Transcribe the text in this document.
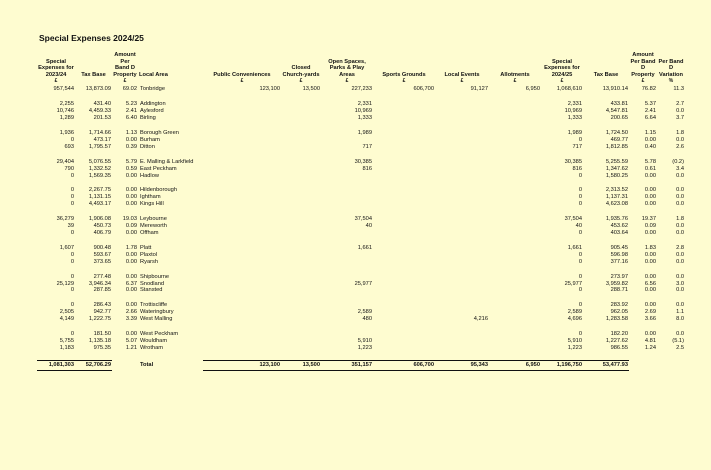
Special Expenses 2024/25
Special Expenses for 2023/24	Tax Base	Amount Per Band D Property	Local Area	Public Conveniences	Closed Church-yards	Open Spaces, Parks & Play Areas	Sports Grounds	Local Events	Allotments	Special Expenses for 2024/25	Tax Base	Amount Per Band D Property	Per Band D Variation
£		£		£	£	£	£	£	£	£		£	%
957,544	13,873.09	69.02	Tonbridge	123,100	13,500	227,233	606,700	91,127	6,950	1,068,610	13,910.14	76.82	11.3

2,255	431.40	5.23	Addington			2,331				2,331	433.81	5.37	2.7
10,746	4,459.33	2.41	Aylesford			10,969				10,969	4,547.81	2.41	0.0
1,289	201.53	6.40	Birling			1,333				1,333	200.65	6.64	3.7

1,936	1,714.66	1.13	Borough Green			1,989				1,989	1,724.50	1.15	1.8
0	473.17	0.00	Burham							0	469.77	0.00	0.0
693	1,795.57	0.39	Ditton			717				717	1,812.85	0.40	2.6

29,404	5,076.55	5.79	E. Malling & Larkfield			30,385				30,385	5,255.59	5.78	(0.2)
790	1,332.52	0.59	East Peckham			816				816	1,347.62	0.61	3.4
0	1,569.35	0.00	Hadlow							0	1,580.25	0.00	0.0

0	2,267.75	0.00	Hildenborough							0	2,313.52	0.00	0.0
0	1,131.15	0.00	Ightham							0	1,137.31	0.00	0.0
0	4,493.17	0.00	Kings Hill							0	4,623.08	0.00	0.0

36,279	1,906.08	19.03	Leybourne			37,504				37,504	1,935.76	19.37	1.8
39	450.73	0.09	Mereworth			40				40	453.62	0.09	0.0
0	406.79	0.00	Offham							0	403.64	0.00	0.0

1,607	900.48	1.78	Platt			1,661				1,661	905.45	1.83	2.8
0	593.67	0.00	Plaxtol							0	596.98	0.00	0.0
0	373.65	0.00	Ryarsh							0	377.16	0.00	0.0

0	277.48	0.00	Shipbourne							0	273.97	0.00	0.0
25,129	3,946.34	6.37	Snodland			25,977				25,977	3,959.82	6.56	3.0
0	287.85	0.00	Stansted							0	288.71	0.00	0.0

0	286.43	0.00	Trottiscliffe							0	283.92	0.00	0.0
2,505	942.77	2.66	Wateringbury			2,589				2,589	962.05	2.69	1.1
4,149	1,222.75	3.39	West Malling			480		4,216		4,696	1,283.58	3.66	8.0

0	181.50	0.00	West Peckham							0	182.20	0.00	0.0
5,755	1,135.18	5.07	Wouldham			5,910				5,910	1,227.62	4.81	(5.1)
1,183	975.35	1.21	Wrotham			1,223				1,223	986.55	1.24	2.5

1,081,303	52,706.29		Total	123,100	13,500	351,157	606,700	95,343	6,950	1,196,750	53,477.93		
